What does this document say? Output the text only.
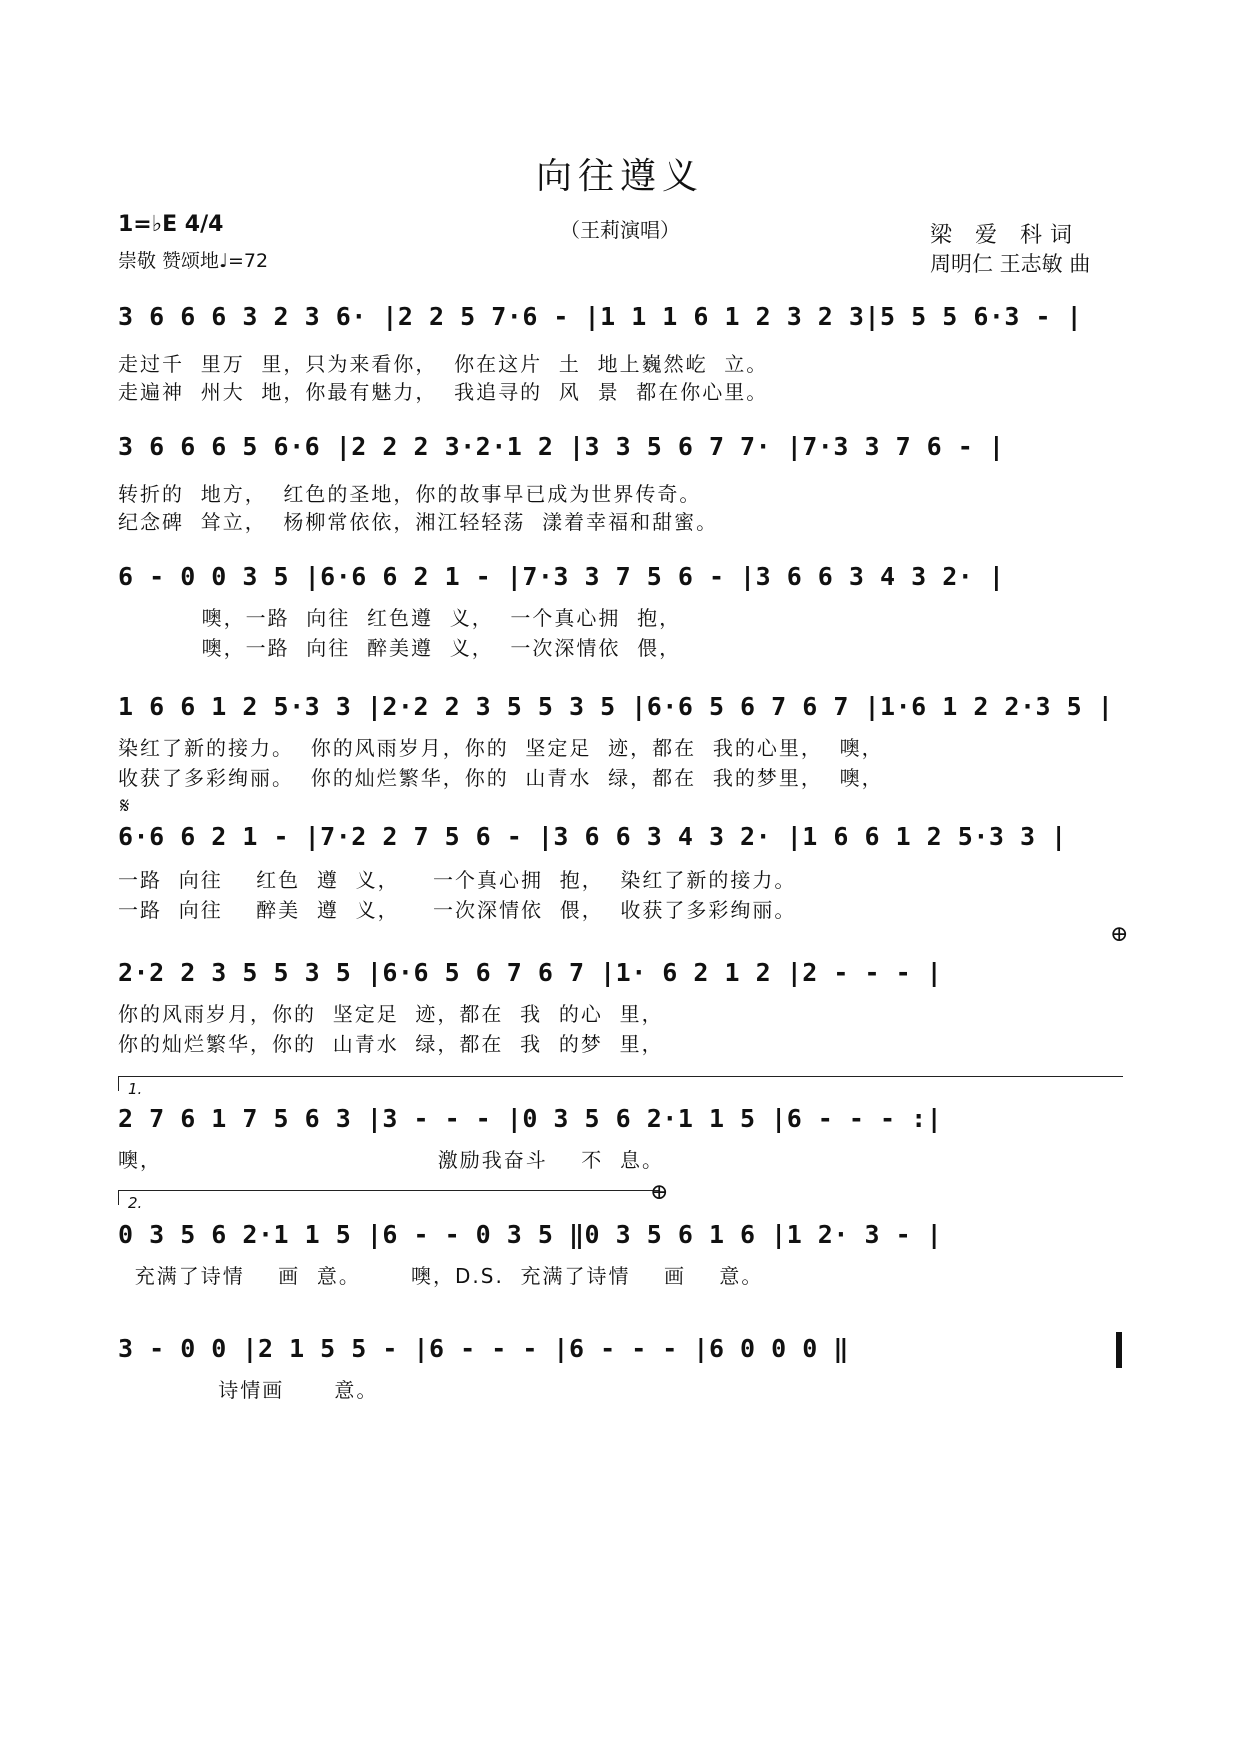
向往遵义
（王莉演唱）
1=♭E 4/4
崇敬 赞颂地♩=72
梁 爱 科词
周明仁 王志敏 曲
3 6 6 6 3 2 3 6· |2 2 5 7·6 - |1 1 1 6 1 2 3 2 3|5 5 5 6·3 - |
走过千  里万  里，只为来看你，  你在这片  土  地上巍然屹  立。
走遍神  州大  地，你最有魅力，  我追寻的  风  景  都在你心里。
3 6 6 6 5 6·6 |2 2 2 3·2·1 2 |3 3 5 6 7 7· |7·3 3 7 6 - |
转折的  地方，  红色的圣地，你的故事早已成为世界传奇。
纪念碑  耸立，  杨柳常依依，湘江轻轻荡  漾着幸福和甜蜜。
6 - 0 0 3 5 |6·6 6 2 1 - |7·3 3 7 5 6 - |3 6 6 3 4 3 2· |
噢，一路  向往  红色遵  义，  一个真心拥  抱，
噢，一路  向往  醉美遵  义，  一次深情依  偎，
1 6 6 1 2 5·3 3 |2·2 2 3 5 5 3 5 |6·6 5 6 7 6 7 |1·6 1 2 2·3 5 |
染红了新的接力。  你的风雨岁月，你的  坚定足  迹，都在  我的心里，  噢，
收获了多彩绚丽。  你的灿烂繁华，你的  山青水  绿，都在  我的梦里，  噢，
𝄋
6·6 6 2 1 - |7·2 2 7 5 6 - |3 6 6 3 4 3 2· |1 6 6 1 2 5·3 3 |
一路  向往    红色  遵  义，    一个真心拥  抱，  染红了新的接力。
一路  向往    醉美  遵  义，    一次深情依  偎，  收获了多彩绚丽。
⊕
2·2 2 3 5 5 3 5 |6·6 5 6 7 6 7 |1· 6 2 1 2 |2 - - - |
你的风雨岁月，你的  坚定足  迹，都在  我  的心  里，
你的灿烂繁华，你的  山青水  绿，都在  我  的梦  里，
1.
2 7 6 1 7 5 6 3 |3 - - - |0 3 5 6 2·1 1 5 |6 - - - :|
噢，                                 激励我奋斗    不  息。
2.	⊕
0 3 5 6 2·1 1 5 |6 - - 0 3 5 ‖0 3 5 6 1 6 |1 2· 3 - |
充满了诗情    画  意。      噢，D.S.  充满了诗情    画    意。
3 - 0 0 |2 1 5 5 - |6 - - - |6 - - - |6 0 0 0 ‖
诗情画      意。
